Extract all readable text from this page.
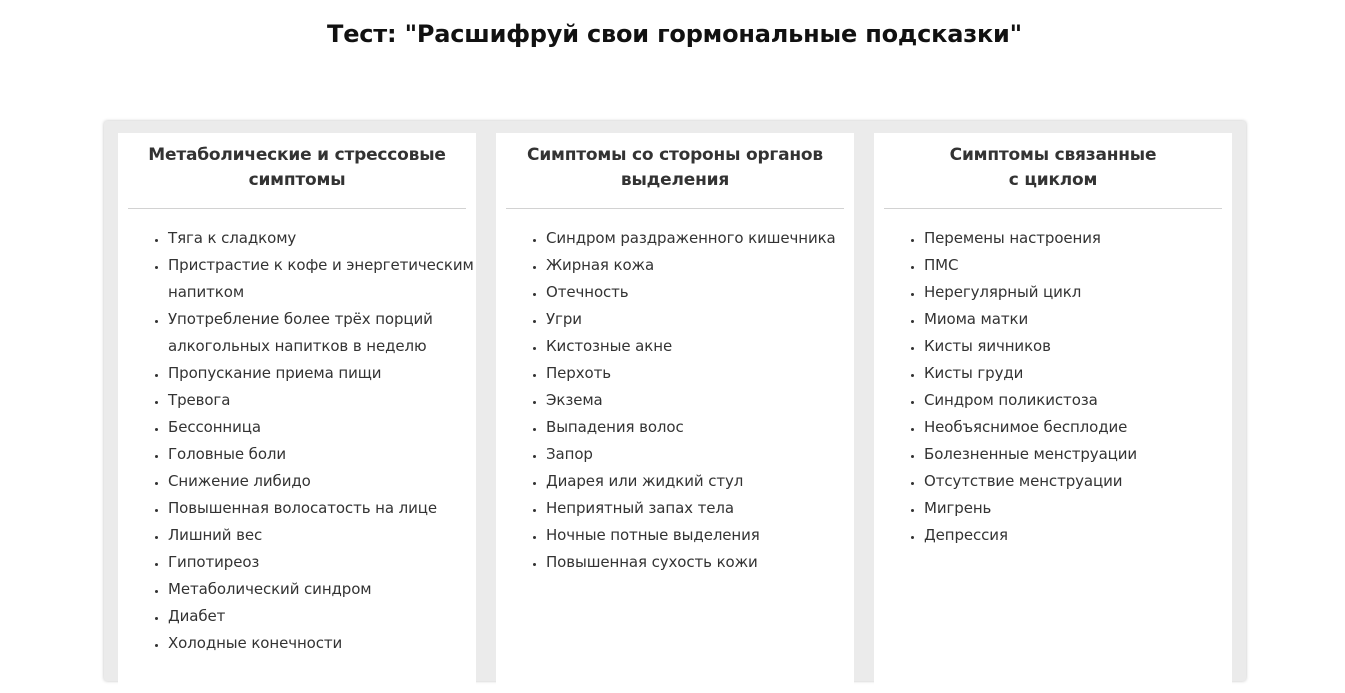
Тест: "Расшифруй свои гормональные подсказки"
Метаболические и стрессовые
симптомы
• Тяга к сладкому
• Пристрастие к кофе и энергетическим напитком
• Употребление более трёх порций алкогольных напитков в неделю
• Пропускание приема пищи
• Тревога
• Бессонница
• Головные боли
• Снижение либидо
• Повышенная волосатость на лице
• Лишний вес
• Гипотиреоз
• Метаболический синдром
• Диабет
• Холодные конечности
Симптомы со стороны органов
выделения
• Синдром раздраженного кишечника
• Жирная кожа
• Отечность
• Угри
• Кистозные акне
• Перхоть
• Экзема
• Выпадения волос
• Запор
• Диарея или жидкий стул
• Неприятный запах тела
• Ночные потные выделения
• Повышенная сухость кожи
Симптомы связанные
с циклом
• Перемены настроения
• ПМС
• Нерегулярный цикл
• Миома матки
• Кисты яичников
• Кисты груди
• Синдром поликистоза
• Необъяснимое бесплодие
• Болезненные менструации
• Отсутствие менструации
• Мигрень
• Депрессия
